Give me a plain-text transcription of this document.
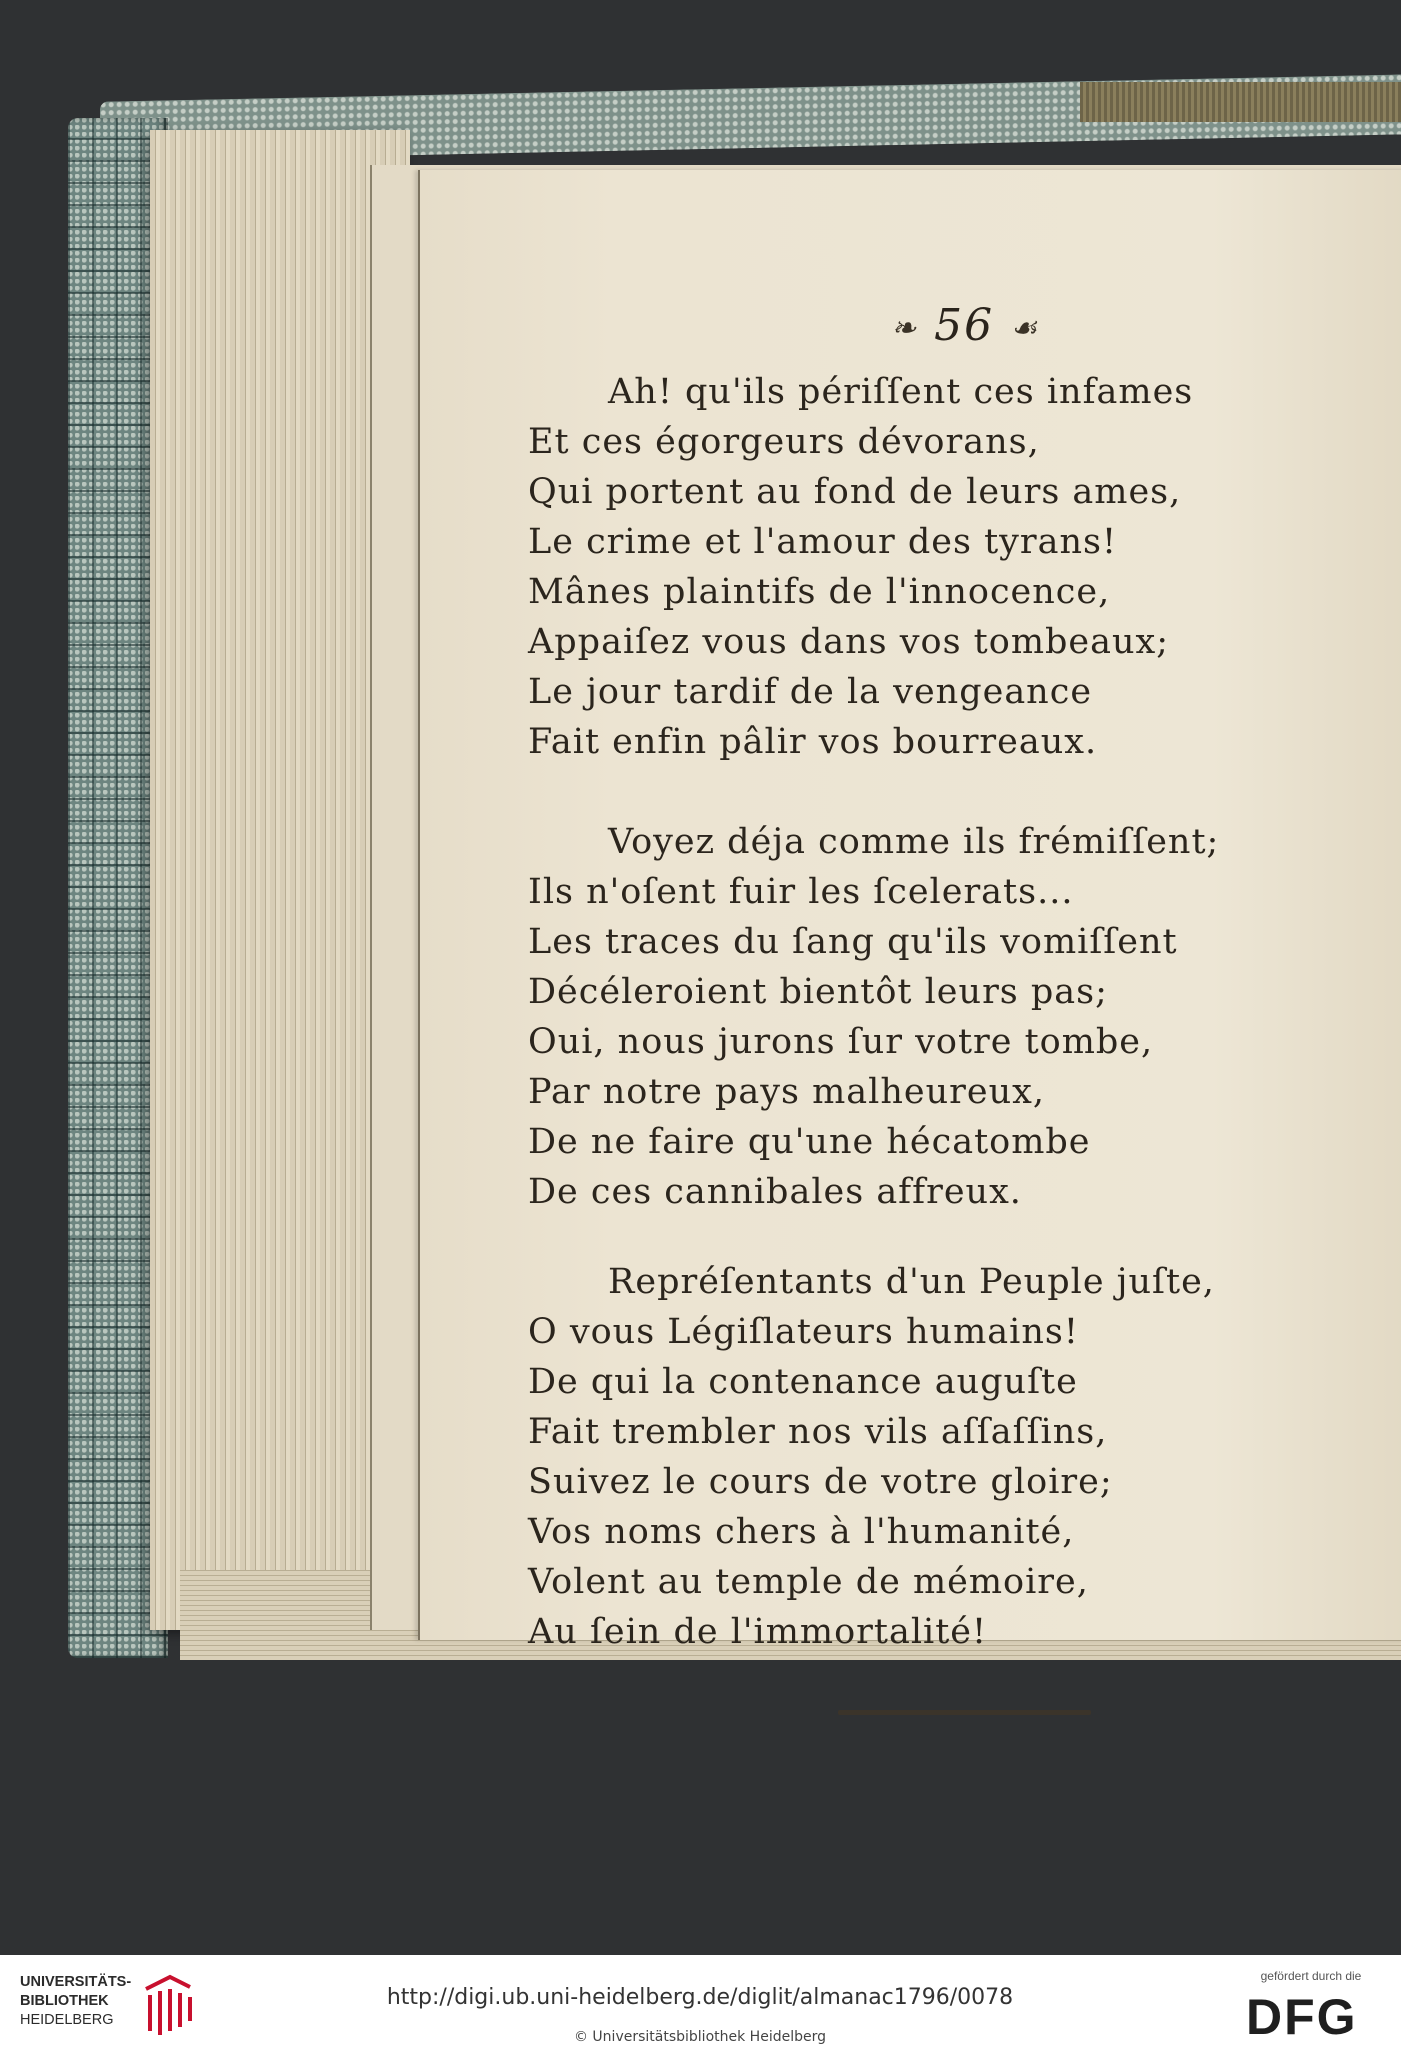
❧ 56 ☙
Ah! qu'ils périſſent ces infames
Et ces égorgeurs dévorans,
Qui portent au fond de leurs ames,
Le crime et l'amour des tyrans!
Mânes plaintifs de l'innocence,
Appaiſez vous dans vos tombeaux;
Le jour tardif de la vengeance
Fait enfin pâlir vos bourreaux.
Voyez déja comme ils frémiſſent;
Ils n'oſent fuir les ſcelerats...
Les traces du ſang qu'ils vomiſſent
Décéleroient bientôt leurs pas;
Oui, nous jurons ſur votre tombe,
Par notre pays malheureux,
De ne faire qu'une hécatombe
De ces cannibales affreux.
Repréſentants d'un Peuple juſte,
O vous Légiſlateurs humains!
De qui la contenance auguſte
Fait trembler nos vils aſſaſſins,
Suivez le cours de votre gloire;
Vos noms chers à l'humanité,
Volent au temple de mémoire,
Au ſein de l'immortalité!
UNIVERSITÄTS-
BIBLIOTHEK
HEIDELBERG
http://digi.ub.uni-heidelberg.de/diglit/almanac1796/0078
© Universitätsbibliothek Heidelberg
gefördert durch die
DFG
